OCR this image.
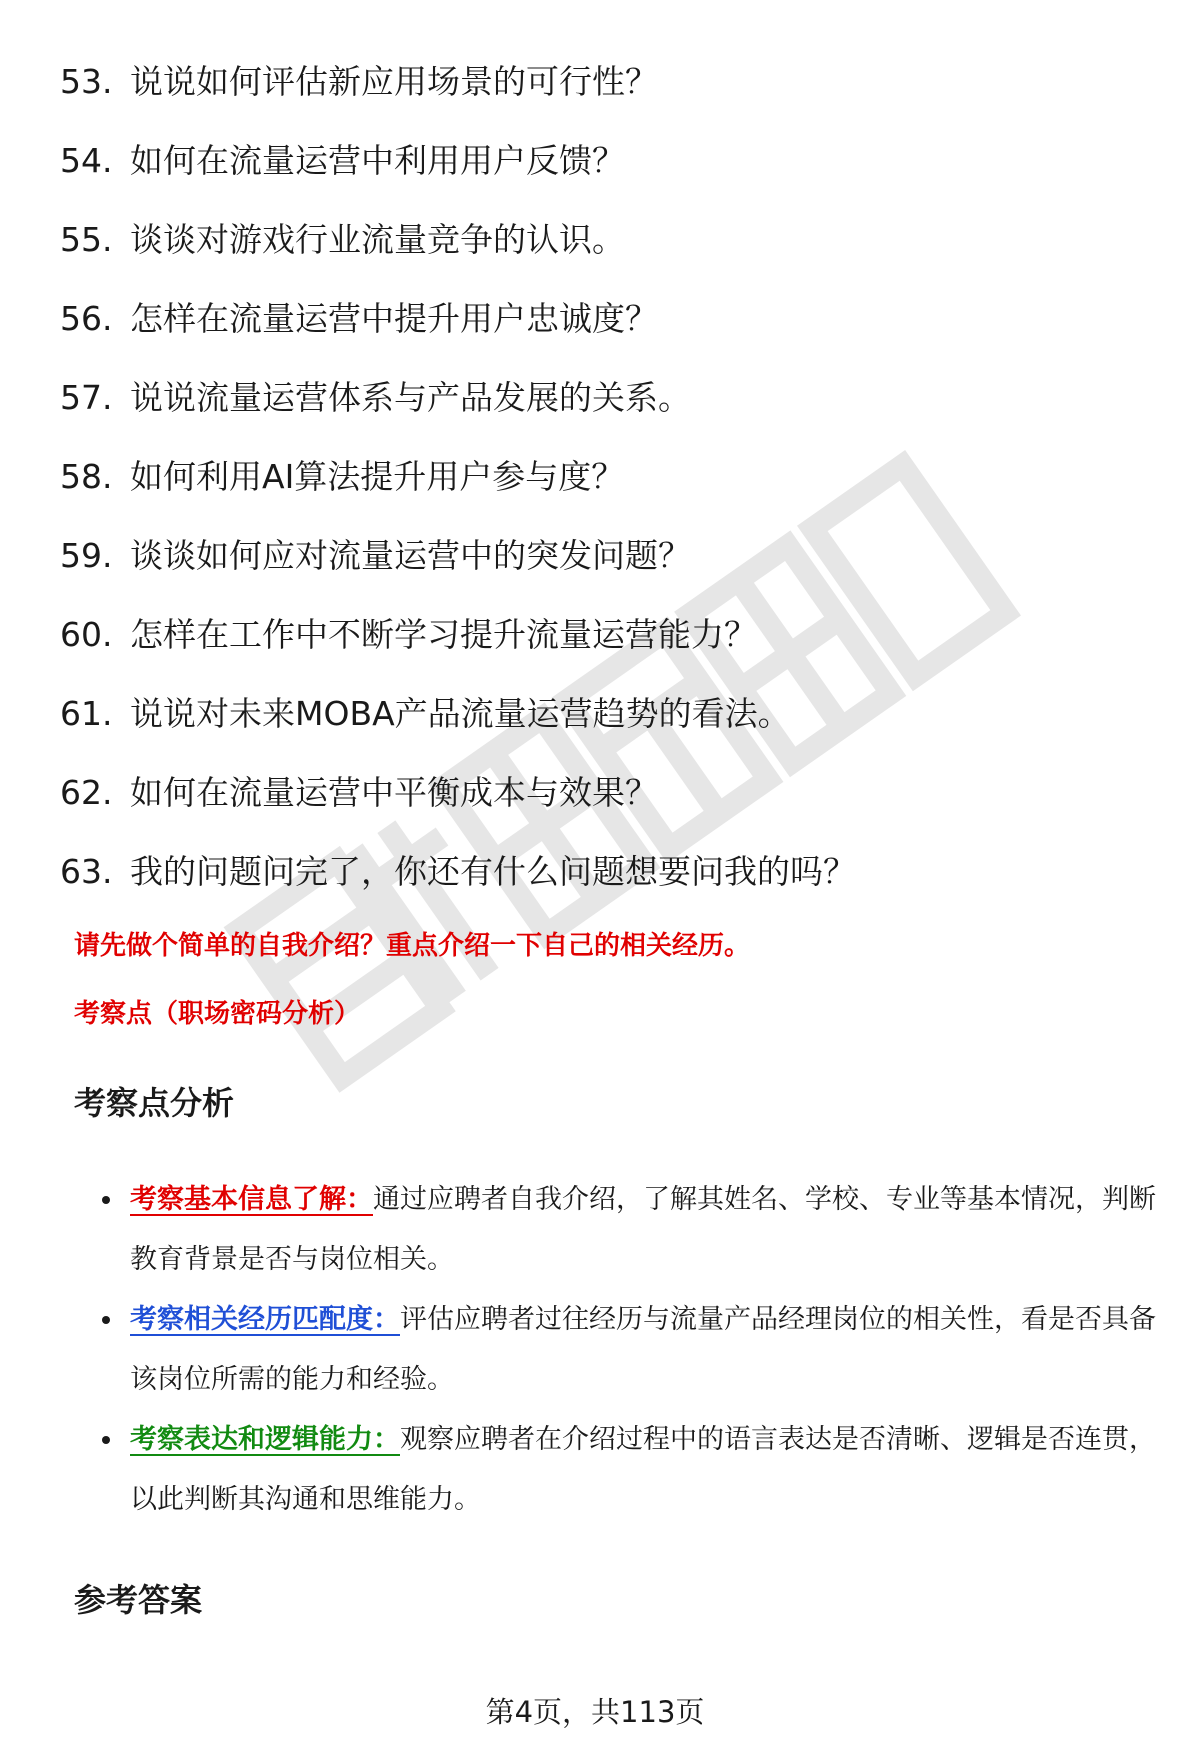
53. 说说如何评估新应用场景的可行性？
54. 如何在流量运营中利用用户反馈？
55. 谈谈对游戏行业流量竞争的认识。
56. 怎样在流量运营中提升用户忠诚度？
57. 说说流量运营体系与产品发展的关系。
58. 如何利用AI算法提升用户参与度？
59. 谈谈如何应对流量运营中的突发问题？
60. 怎样在工作中不断学习提升流量运营能力？
61. 说说对未来MOBA产品流量运营趋势的看法。
62. 如何在流量运营中平衡成本与效果？
63. 我的问题问完了，你还有什么问题想要问我的吗？
请先做个简单的自我介绍？重点介绍一下自己的相关经历。
考察点（职场密码分析）
考察点分析
考察基本信息了解：通过应聘者自我介绍，了解其姓名、学校、专业等基本情况，判断教育背景是否与岗位相关。
考察相关经历匹配度：评估应聘者过往经历与流量产品经理岗位的相关性，看是否具备该岗位所需的能力和经验。
考察表达和逻辑能力：观察应聘者在介绍过程中的语言表达是否清晰、逻辑是否连贯，以此判断其沟通和思维能力。
参考答案
第4页，共113页
